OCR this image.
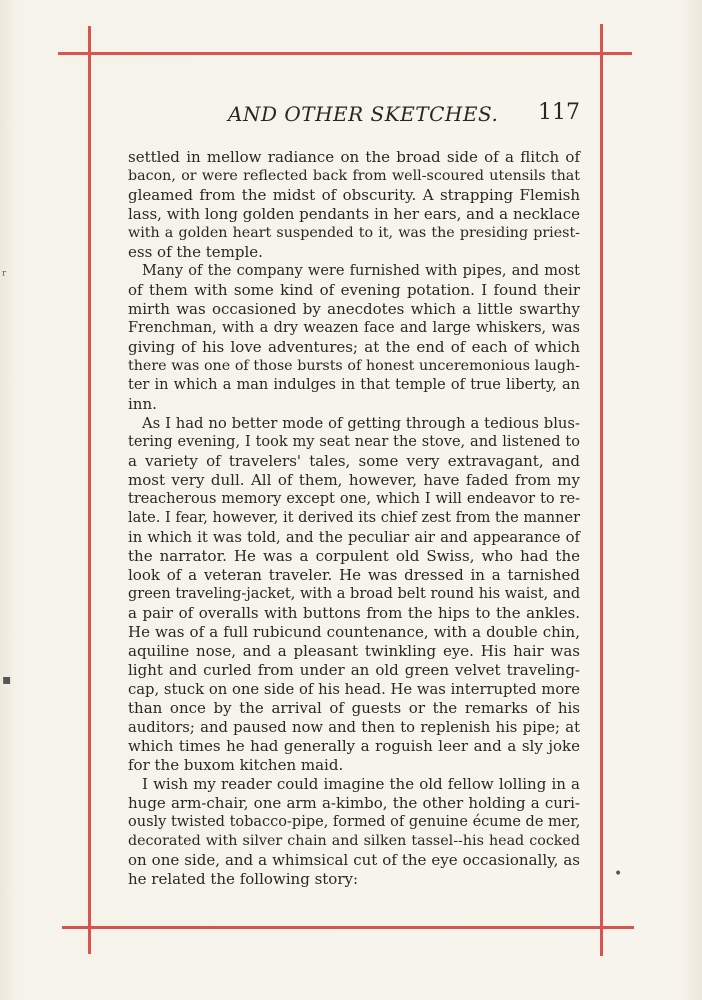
AND OTHER SKETCHES. 117
settled in mellow radiance on the broad side of a flitch of
bacon, or were reflected back from well-scoured utensils that
gleamed from the midst of obscurity. A strapping Flemish
lass, with long golden pendants in her ears, and a necklace
with a golden heart suspended to it, was the presiding priest-
ess of the temple.
Many of the company were furnished with pipes, and most
of them with some kind of evening potation. I found their
mirth was occasioned by anecdotes which a little swarthy
Frenchman, with a dry weazen face and large whiskers, was
giving of his love adventures; at the end of each of which
there was one of those bursts of honest unceremonious laugh-
ter in which a man indulges in that temple of true liberty, an
inn.
As I had no better mode of getting through a tedious blus-
tering evening, I took my seat near the stove, and listened to
a variety of travelers' tales, some very extravagant, and
most very dull. All of them, however, have faded from my
treacherous memory except one, which I will endeavor to re-
late. I fear, however, it derived its chief zest from the manner
in which it was told, and the peculiar air and appearance of
the narrator. He was a corpulent old Swiss, who had the
look of a veteran traveler. He was dressed in a tarnished
green traveling-jacket, with a broad belt round his waist, and
a pair of overalls with buttons from the hips to the ankles.
He was of a full rubicund countenance, with a double chin,
aquiline nose, and a pleasant twinkling eye. His hair was
light and curled from under an old green velvet traveling-
cap, stuck on one side of his head. He was interrupted more
than once by the arrival of guests or the remarks of his
auditors; and paused now and then to replenish his pipe; at
which times he had generally a roguish leer and a sly joke
for the buxom kitchen maid.
I wish my reader could imagine the old fellow lolling in a
huge arm-chair, one arm a-kimbo, the other holding a curi-
ously twisted tobacco-pipe, formed of genuine écume de mer,
decorated with silver chain and silken tassel--his head cocked
on one side, and a whimsical cut of the eye occasionally, as
he related the following story:
ʳ
▪
•
